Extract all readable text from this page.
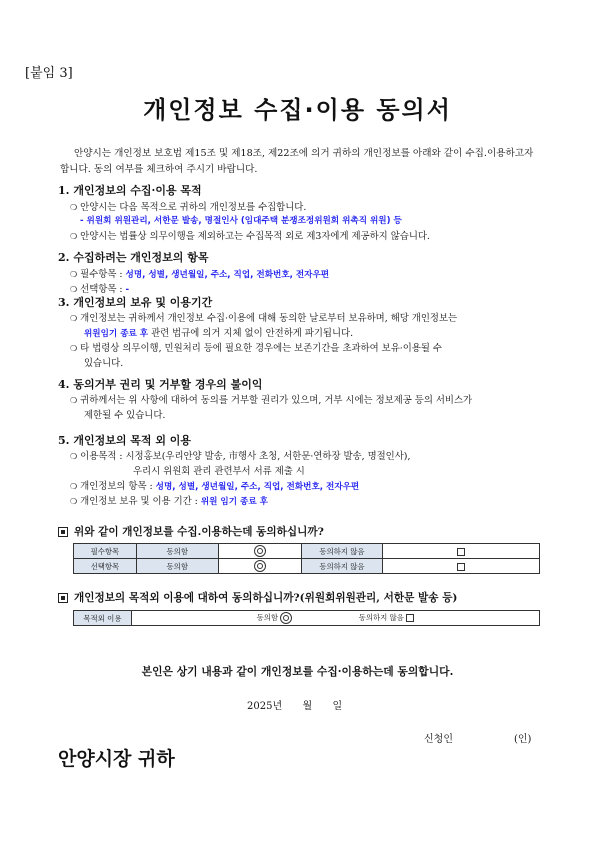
[붙임 3]
개인정보 수집·이용 동의서
안양시는 개인정보 보호법 제15조 및 제18조, 제22조에 의거 귀하의 개인정보를 아래와 같이 수집.이용하고자 합니다. 동의 여부를 체크하여 주시기 바랍니다.
1. 개인정보의 수집·이용 목적
❍ 안양시는 다음 목적으로 귀하의 개인정보를 수집합니다.
- 위원회 위원관리, 서한문 발송, 명절인사 (임대주택 분쟁조정위원회 위촉직 위원) 등
❍ 안양시는 법률상 의무이행을 제외하고는 수집목적 외로 제3자에게 제공하지 않습니다.
2. 수집하려는 개인정보의 항목
❍ 필수항목 : 성명, 성별, 생년월일, 주소, 직업, 전화번호, 전자우편
❍ 선택항목 : -
3. 개인정보의 보유 및 이용기간
❍ 개인정보는 귀하께서 개인정보 수집·이용에 대해 동의한 날로부터 보유하며, 해당 개인정보는
위원임기 종료 후 관련 법규에 의거 지체 없이 안전하게 파기됩니다.
❍ 타 법령상 의무이행, 민원처리 등에 필요한 경우에는 보존기간을 초과하여 보유·이용될 수
있습니다.
4. 동의거부 권리 및 거부할 경우의 불이익
❍ 귀하께서는 위 사항에 대하여 동의를 거부할 권리가 있으며, 거부 시에는 정보제공 등의 서비스가
제한될 수 있습니다.
5. 개인정보의 목적 외 이용
❍ 이용목적 : 시정홍보(우리안양 발송, 市행사 초청, 서한문·연하장 발송, 명절인사),
우리시 위원회 관리 관련부서 서류 제출 시
❍ 개인정보의 항목 : 성명, 성별, 생년월일, 주소, 직업, 전화번호, 전자우편
❍ 개인정보 보유 및 이용 기간 : 위원 임기 종료 후
위와 같이 개인정보를 수집.이용하는데 동의하십니까?
필수항목	동의함		동의하지 않음	
선택항목	동의함		동의하지 않음	
개인정보의 목적외 이용에 대하여 동의하십니까?(위원회위원관리, 서한문 발송 등)
목적외 이용	동의함	동의하지 않음
본인은 상기 내용과 같이 개인정보를 수집·이용하는데 동의합니다.
2025년 월 일
신청인	(인)
안양시장 귀하
